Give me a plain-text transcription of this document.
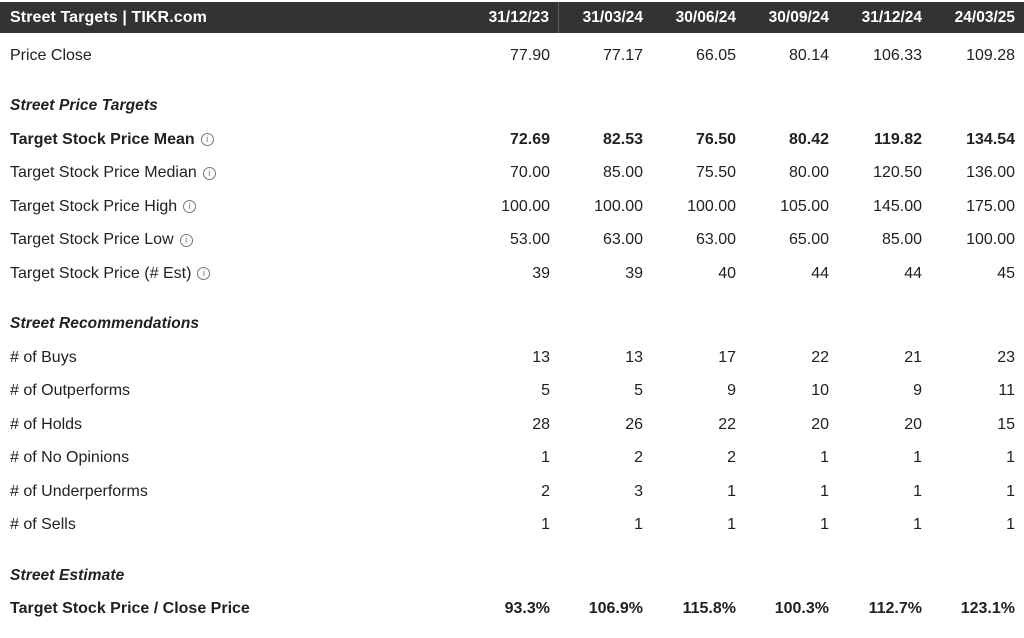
Street Targets | TIKR.com	31/12/23	31/03/24	30/06/24	30/09/24	31/12/24	24/03/25
Price Close	77.90	77.17	66.05	80.14	106.33	109.28
Street Price Targets
Target Stock Price Mean	i	72.69	82.53	76.50	80.42	119.82	134.54
Target Stock Price Median	i	70.00	85.00	75.50	80.00	120.50	136.00
Target Stock Price High	i	100.00	100.00	100.00	105.00	145.00	175.00
Target Stock Price Low	i	53.00	63.00	63.00	65.00	85.00	100.00
Target Stock Price (# Est)	i	39	39	40	44	44	45
Street Recommendations
# of Buys	13	13	17	22	21	23
# of Outperforms	5	5	9	10	9	11
# of Holds	28	26	22	20	20	15
# of No Opinions	1	2	2	1	1	1
# of Underperforms	2	3	1	1	1	1
# of Sells	1	1	1	1	1	1
Street Estimate
Target Stock Price / Close Price	93.3%	106.9%	115.8%	100.3%	112.7%	123.1%
